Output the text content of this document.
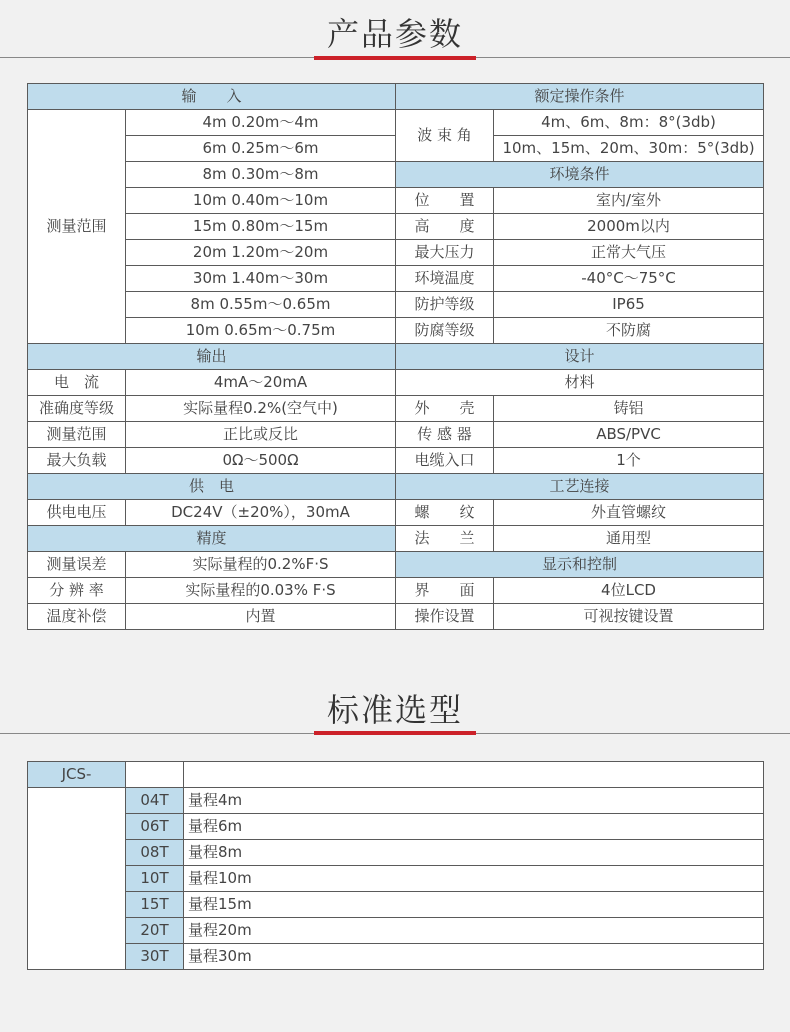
产品参数
输　　入		额定操作条件	
测量范围	4m 0.20m～4m	波 束 角	4m、6m、8m：8°(3db)
	6m 0.25m～6m		10m、15m、20m、30m：5°(3db)
	8m 0.30m～8m	环境条件	
	10m 0.40m～10m	位　　置	室内/室外
	15m 0.80m～15m	高　　度	2000m以内
	20m 1.20m～20m	最大压力	正常大气压
	30m 1.40m～30m	环境温度	-40°C～75°C
	8m 0.55m～0.65m	防护等级	IP65
	10m 0.65m～0.75m	防腐等级	不防腐
输出		设计	
电　流	4mA～20mA	材料	
准确度等级	实际量程0.2%(空气中)	外　　壳	铸铝
测量范围	正比或反比	传 感 器	ABS/PVC
最大负载	0Ω～500Ω	电缆入口	1个
供　电		工艺连接	
供电电压	DC24V（±20%），30mA	螺　　纹	外直管螺纹
精度		法　　兰	通用型
测量误差	实际量程的0.2%F·S	显示和控制	
分 辨 率	实际量程的0.03% F·S	界　　面	4位LCD
温度补偿	内置	操作设置	可视按键设置
标准选型
JCS-		
	04T	量程4m
	06T	量程6m
	08T	量程8m
	10T	量程10m
	15T	量程15m
	20T	量程20m
	30T	量程30m
